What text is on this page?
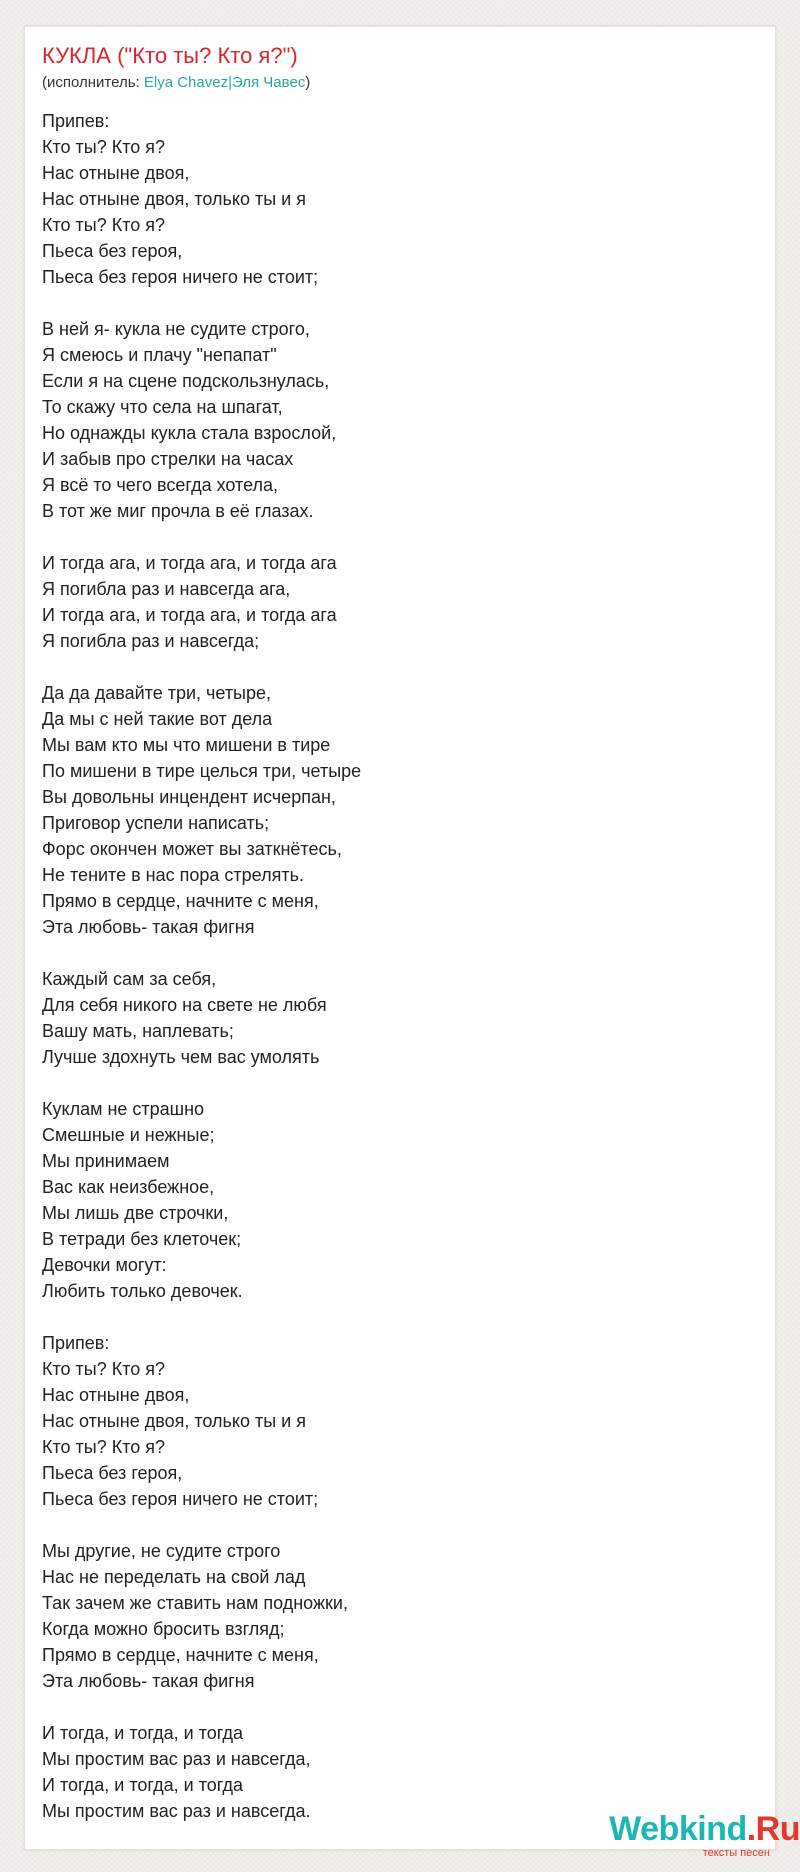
КУКЛА ("Кто ты? Кто я?")
(исполнитель: Elya Chavez|Эля Чавес)
Припев:
Кто ты? Кто я?
Нас отныне двоя,
Нас отныне двоя, только ты и я
Кто ты? Кто я?
Пьеса без героя,
Пьеса без героя ничего не стоит;

В ней я- кукла не судите строго,
Я смеюсь и плачу "непапат"
Если я на сцене подскользнулась,
То скажу что села на шпагат,
Но однажды кукла стала взрослой,
И забыв про стрелки на часах
Я всё то чего всегда хотела,
В тот же миг прочла в её глазах.

И тогда ага, и тогда ага, и тогда ага
Я погибла раз и навсегда ага,
И тогда ага, и тогда ага, и тогда ага
Я погибла раз и навсегда;

Да да давайте три, четыре,
Да мы с ней такие вот дела
Мы вам кто мы что мишени в тире
По мишени в тире целься три, четыре
Вы довольны инцендент исчерпан,
Приговор успели написать;
Форс окончен может вы заткнётесь,
Не тените в нас пора стрелять.
Прямо в сердце, начните с меня,
Эта любовь- такая фигня

Каждый сам за себя,
Для себя никого на свете не любя
Вашу мать, наплевать;
Лучше здохнуть чем вас умолять

Куклам не страшно
Смешные и нежные;
Мы принимаем
Вас как неизбежное,
Мы лишь две строчки,
В тетради без клеточек;
Девочки могут:
Любить только девочек.

Припев:
Кто ты? Кто я?
Нас отныне двоя,
Нас отныне двоя, только ты и я
Кто ты? Кто я?
Пьеса без героя,
Пьеса без героя ничего не стоит;

Мы другие, не судите строго
Нас не переделать на свой лад
Так зачем же ставить нам подножки,
Когда можно бросить взгляд;
Прямо в сердце, начните с меня,
Эта любовь- такая фигня

И тогда, и тогда, и тогда
Мы простим вас раз и навсегда,
И тогда, и тогда, и тогда
Мы простим вас раз и навсегда.	Webkind.Ru
тексты песен
